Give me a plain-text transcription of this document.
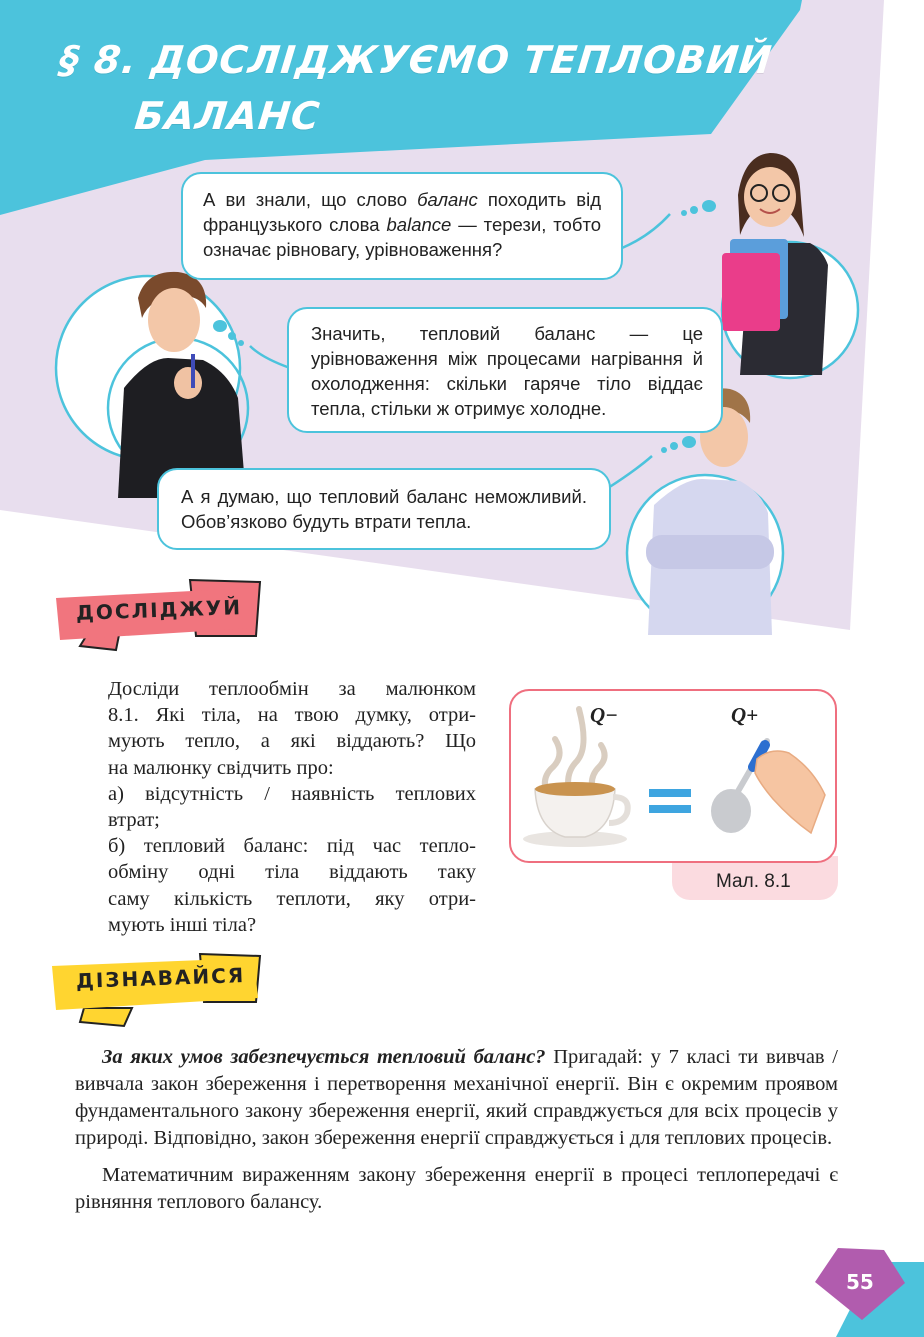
§ 8. ДОСЛІДЖУЄМО ТЕПЛОВИЙ
БАЛАНС

А ви знали, що слово баланс походить від французького слова balance — терези, тобто означає рівновагу, урівноваження?

Значить, тепловий баланс — це урівноваження між процесами нагрівання й охолодження: скільки гаряче тіло віддає тепла, стільки ж отримує холодне.

А я думаю, що тепловий баланс неможливий. Обов’язково будуть втрати тепла.

ДОСЛІДЖУЙ

Досліди теплообмін за малюнком

8.1. Які тіла, на твою думку, отри-

мують тепло, а які віддають? Що

на малюнку свідчить про:

а) відсутність / наявність теплових

втрат;

б) тепловий баланс: під час тепло-

обміну одні тіла віддають таку

саму кількість теплоти, яку отри-

мують інші тіла?

Q−	Q+
Мал. 8.1
ДІЗНАВАЙСЯ

За яких умов забезпечується тепловий баланс? Пригадай: у 7 класі ти вивчав / вивчала закон збереження і перетворення механічної енергії. Він є окремим проявом фундаментального закону збереження енергії, який справджується для всіх процесів у природі. Відповідно, закон збереження енергії справджується і для теплових процесів.

Математичним вираженням закону збереження енергії в процесі теплопередачі є рівняння теплового балансу.

55
